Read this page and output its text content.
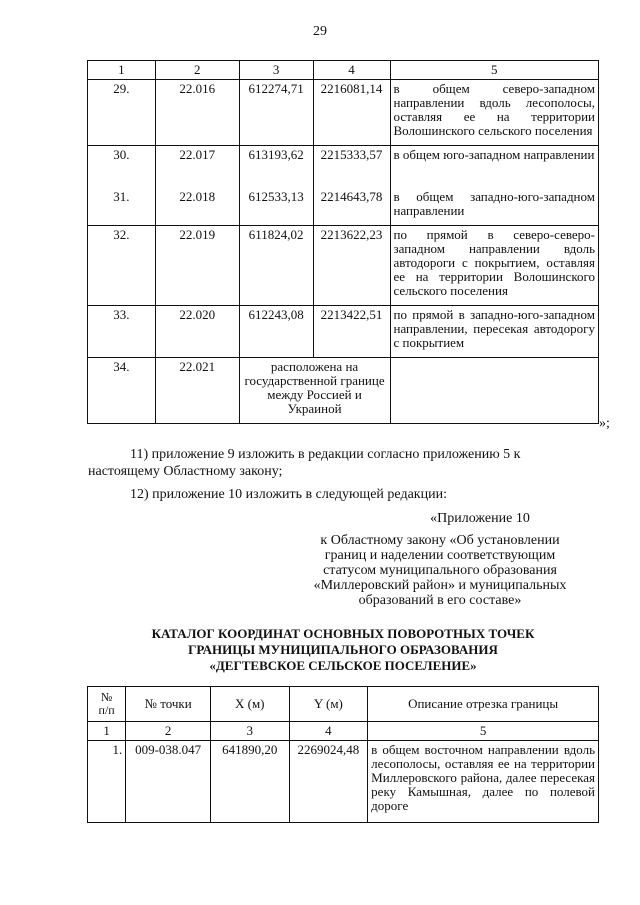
29
1	2	3	4	5
29.	22.016	612274,71	2216081,14	в общем северо-западном направлении вдоль лесополосы, оставляя ее на территории Волошинского сельского поселения
30.	22.017	613193,62	2215333,57	в общем юго-западном направлении
31.	22.018	612533,13	2214643,78	в общем западно-юго-западном направлении
32.	22.019	611824,02	2213622,23	по прямой в северо-северо-западном направлении вдоль автодороги с покрытием, оставляя ее на территории Волошинского сельского поселения
33.	22.020	612243,08	2213422,51	по прямой в западно-юго-западном направлении, пересекая автодорогу с покрытием
34.	22.021	расположена на государственной границе между Россией и Украиной		
»;
11) приложение 9 изложить в редакции согласно приложению 5 к
настоящему Областному закону;
12) приложение 10 изложить в следующей редакции:
«Приложение 10
к Областному закону «Об установлении
границ и наделении соответствующим
статусом муниципального образования
«Миллеровский район» и муниципальных
образований в его составе»
КАТАЛОГ КООРДИНАТ ОСНОВНЫХ ПОВОРОТНЫХ ТОЧЕК
ГРАНИЦЫ МУНИЦИПАЛЬНОГО ОБРАЗОВАНИЯ
«ДЕГТЕВСКОЕ СЕЛЬСКОЕ ПОСЕЛЕНИЕ»
№
п/п	№ точки	X (м)	Y (м)	Описание отрезка границы
1	2	3	4	5
1.	009-038.047	641890,20	2269024,48	в общем восточном направлении вдоль лесополосы, оставляя ее на территории Миллеровского района, далее пересекая реку Камышная, далее по полевой дороге
